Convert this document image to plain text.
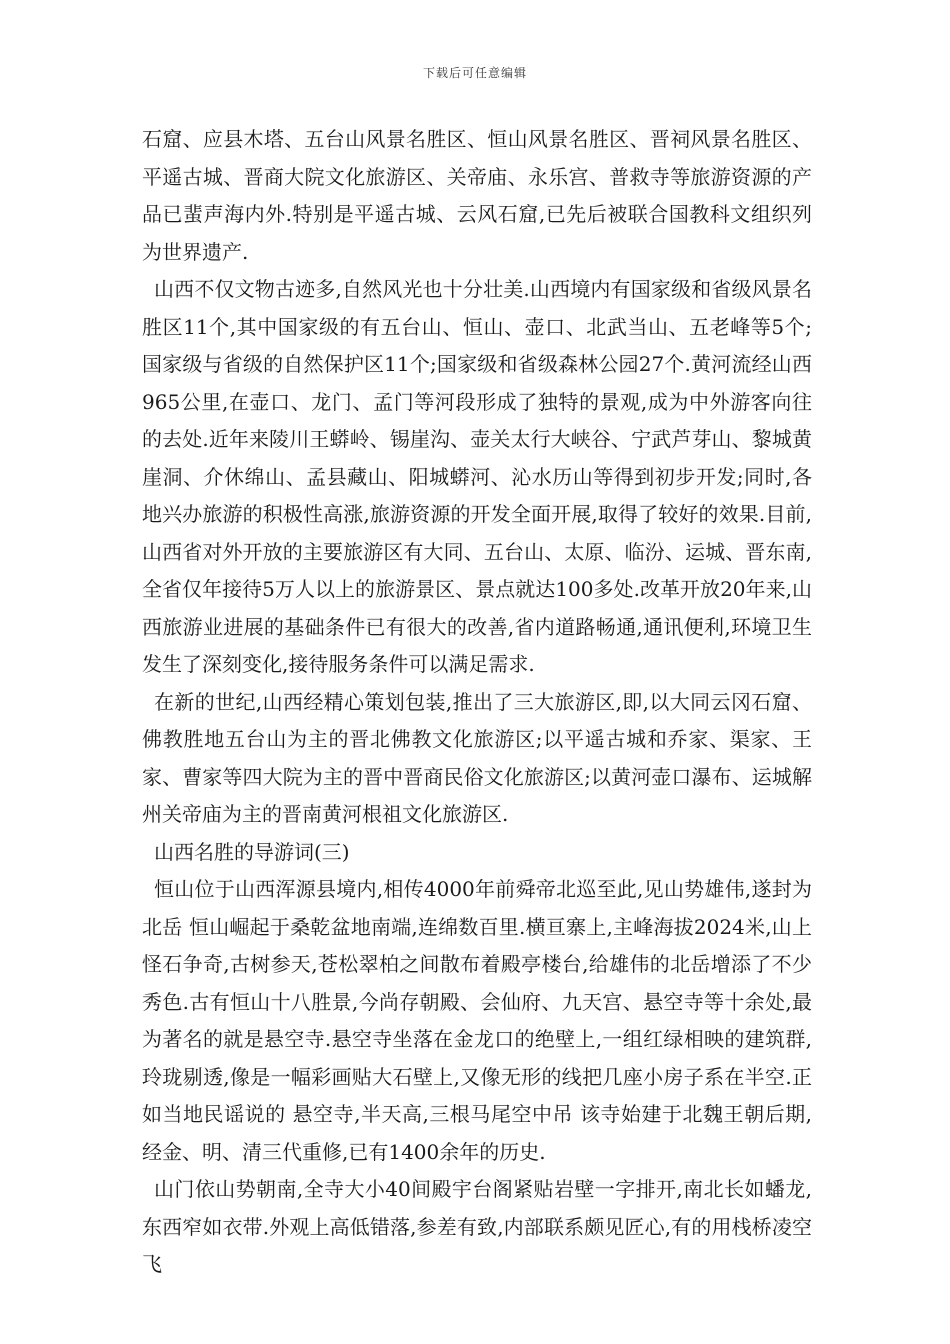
下载后可任意编辑

石窟、应县木塔、五台山风景名胜区、恒山风景名胜区、晋祠风景名胜区、平遥古城、晋商大院文化旅游区、关帝庙、永乐宫、普救寺等旅游资源的产品已蜚声海内外.特别是平遥古城、云风石窟,已先后被联合国教科文组织列为世界遗产.

山西不仅文物古迹多,自然风光也十分壮美.山西境内有国家级和省级风景名胜区11个,其中国家级的有五台山、恒山、壶口、北武当山、五老峰等5个;国家级与省级的自然保护区11个;国家级和省级森林公园27个.黄河流经山西965公里,在壶口、龙门、孟门等河段形成了独特的景观,成为中外游客向往的去处.近年来陵川王蟒岭、锡崖沟、壶关太行大峡谷、宁武芦芽山、黎城黄崖洞、介休绵山、孟县藏山、阳城蟒河、沁水历山等得到初步开发;同时,各地兴办旅游的积极性高涨,旅游资源的开发全面开展,取得了较好的效果.目前,山西省对外开放的主要旅游区有大同、五台山、太原、临汾、运城、晋东南,全省仅年接待5万人以上的旅游景区、景点就达100多处.改革开放20年来,山西旅游业进展的基础条件已有很大的改善,省内道路畅通,通讯便利,环境卫生发生了深刻变化,接待服务条件可以满足需求.

在新的世纪,山西经精心策划包装,推出了三大旅游区,即,以大同云冈石窟、佛教胜地五台山为主的晋北佛教文化旅游区;以平遥古城和乔家、渠家、王家、曹家等四大院为主的晋中晋商民俗文化旅游区;以黄河壶口瀑布、运城解州关帝庙为主的晋南黄河根祖文化旅游区.

山西名胜的导游词(三)

恒山位于山西浑源县境内,相传4000年前舜帝北巡至此,见山势雄伟,遂封为北岳 恒山崛起于桑乾盆地南端,连绵数百里.横亘寨上,主峰海拔2024米,山上怪石争奇,古树参天,苍松翠柏之间散布着殿亭楼台,给雄伟的北岳增添了不少秀色.古有恒山十八胜景,今尚存朝殿、会仙府、九天宫、悬空寺等十余处,最为著名的就是悬空寺.悬空寺坐落在金龙口的绝壁上,一组红绿相映的建筑群,玲珑剔透,像是一幅彩画贴大石壁上,又像无形的线把几座小房子系在半空.正如当地民谣说的 悬空寺,半天高,三根马尾空中吊 该寺始建于北魏王朝后期,经金、明、清三代重修,已有1400余年的历史.

山门依山势朝南,全寺大小40间殿宇台阁紧贴岩壁一字排开,南北长如蟠龙,东西窄如衣带.外观上高低错落,参差有致,内部联系颇见匠心,有的用栈桥凌空飞
